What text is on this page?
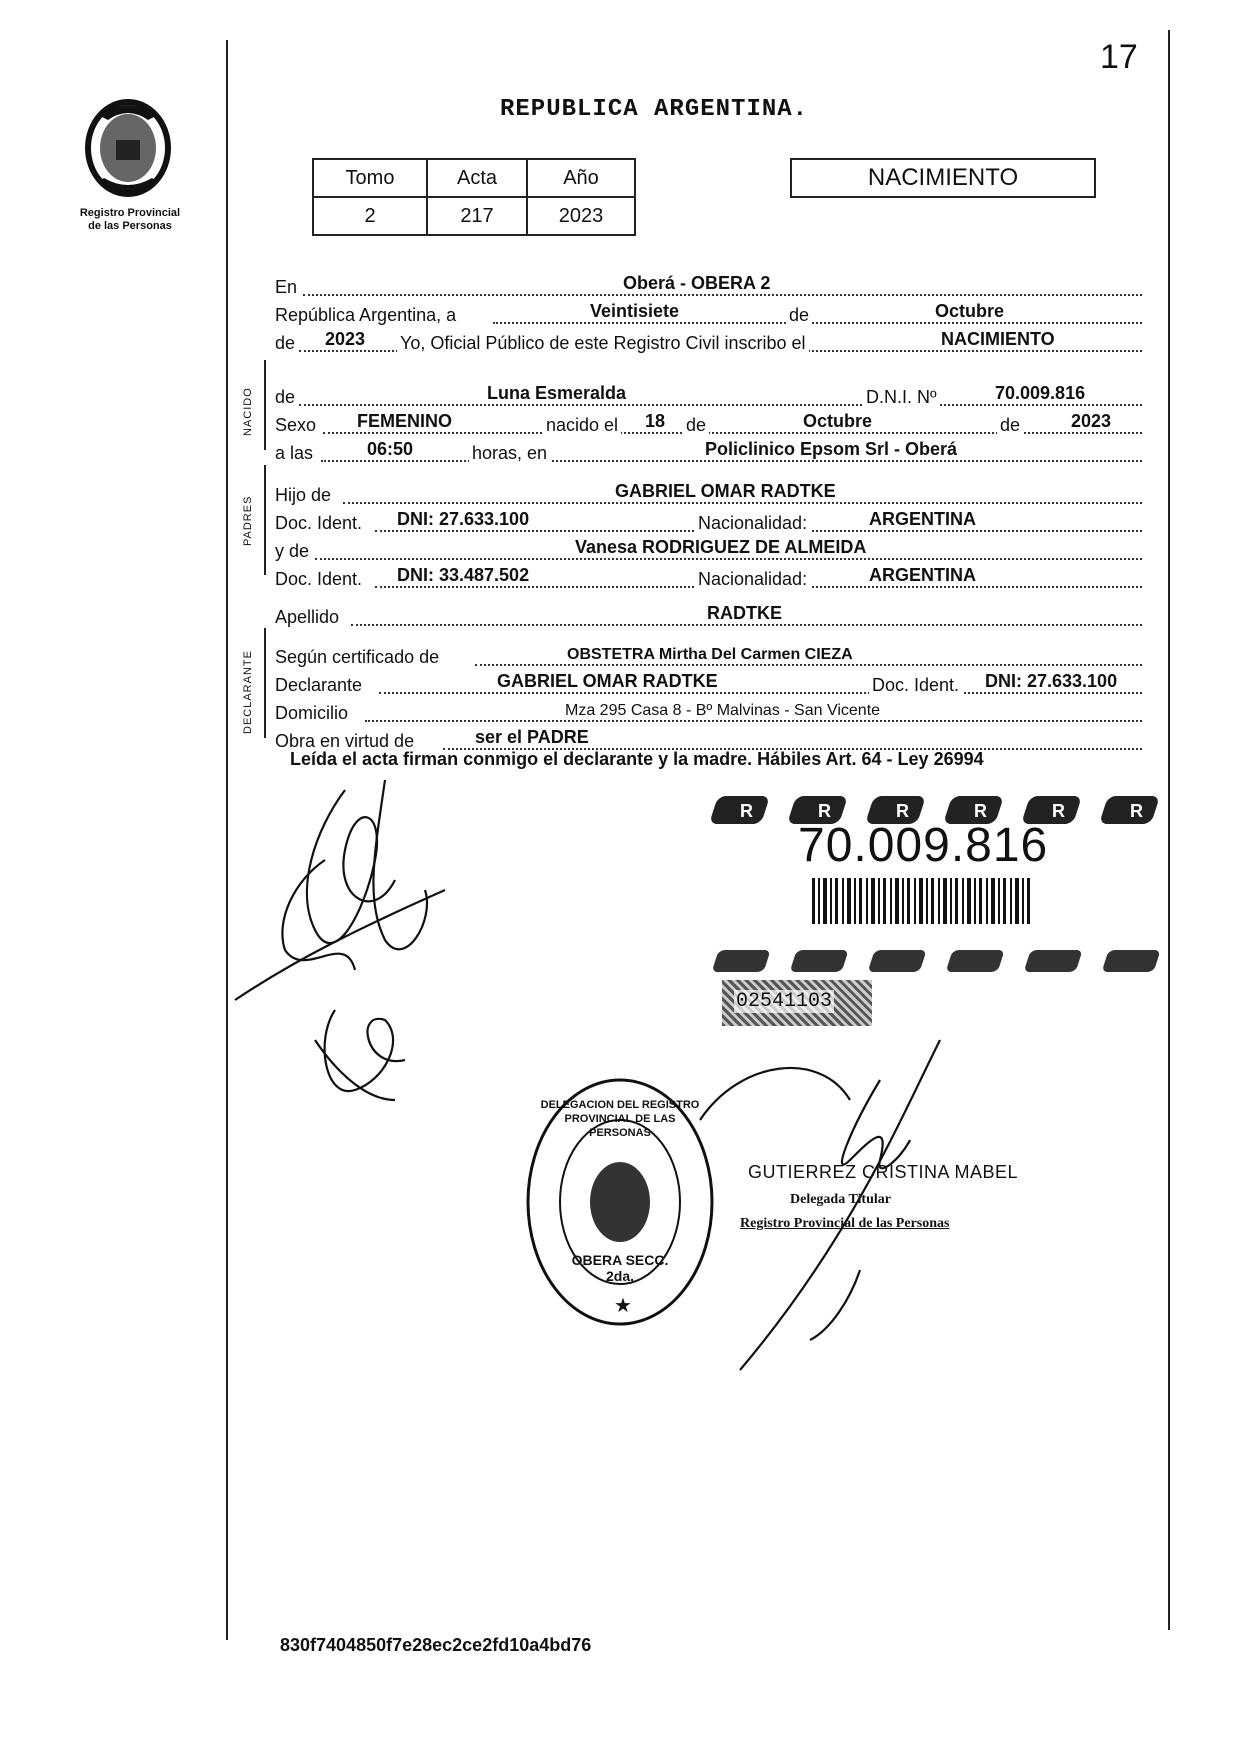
17
Registro Provincial
de las Personas
REPUBLICA ARGENTINA.
Tomo	Acta	Año
2	217	2023
NACIMIENTO
En	Oberá - OBERA 2
República Argentina, a	Veintisiete	de	Octubre
de 2023 Yo, Oficial Público de este Registro Civil inscribo el	NACIMIENTO
NACIDO de	Luna Esmeralda	D.N.I. Nº	70.009.816
Sexo FEMENINO	nacido el 18 de	Octubre	de	2023
a las	06:50	horas, en	Policlinico Epsom Srl - Oberá
PADRES
Hijo de	GABRIEL OMAR RADTKE
Doc. Ident. DNI: 27.633.100	Nacionalidad:	ARGENTINA
y de	Vanesa RODRIGUEZ DE ALMEIDA
Doc. Ident. DNI: 33.487.502	Nacionalidad:	ARGENTINA
Apellido	RADTKE
DECLARANTE Según certificado de	OBSTETRA Mirtha Del Carmen CIEZA
Declarante	GABRIEL OMAR RADTKE	Doc. Ident. DNI: 27.633.100
Domicilio	Mza 295 Casa 8 - Bº Malvinas - San Vicente
Obra en virtud de	ser el PADRE
Leída el acta firman conmigo el declarante y la madre. Hábiles Art. 64 - Ley 26994
R	R	R	R	R	R
70.009.816
02541103
★
DELEGACION DEL REGISTRO PROVINCIAL DE LAS PERSONAS
OBERA SECC. 2da.
GUTIERREZ CRISTINA MABEL
Delegada Titular
Registro Provincial de las Personas
830f7404850f7e28ec2ce2fd10a4bd76
